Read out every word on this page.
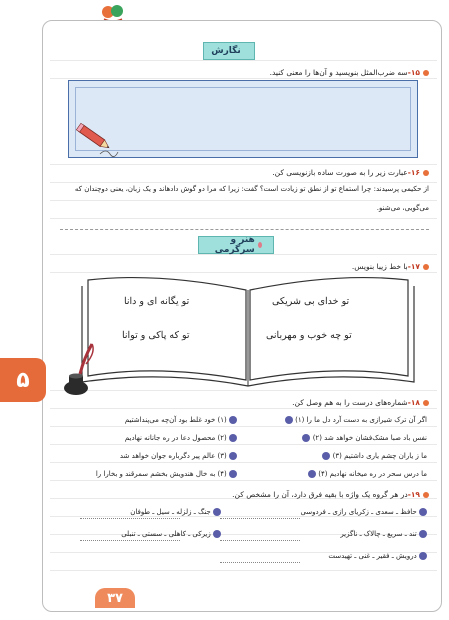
نگارش
۱۵-سه ضرب‌المثل بنویسید و آن‌ها را معنی کنید.
۱۶-عبارت زیر را به صورت ساده بازنویسی کن.
از حکیمی پرسیدند: چرا استماع تو از نطق تو زیادت است؟ گفت: زیرا که مرا دو گوش دادهاند و یک زبان، یعنی دوچندان که
می‌گویی، می‌شنو.
هنر و سرگرمی
۱۷-با خط زیبا بنویس.
تو خدای بی شریکی
تو چه خوب و مهربانی
تو یگانه ای و دانا
تو که پاکی و توانا
۵
۱۸-شماره‌های درست را به هم وصل کن.
اگر آن ترک شیرازی به دست آرد دل ما را (۱)
نفس باد صبا مشک‌فشان خواهد شد (۲)
ما ز یاران چشم یاری داشتیم (۳)
ما درس سحر در ره میخانه نهادیم (۴)
(۱) خود غلط بود آن‌چه می‌پنداشتیم
(۲) محصول دعا در ره جانانه نهادیم
(۳) عالم پیر دگرباره جوان خواهد شد
(۴) به خال هندویش بخشم سمرقند و بخارا را
۱۹-در هر گروه یک واژه با بقیه فرق دارد، آن را مشخص کن.
حافظ ـ سعدی ـ زکریای رازی ـ فردوسی
تند ـ سریع ـ چالاک ـ ناگزیر
درویش ـ فقیر ـ غنی ـ تهیدست
جنگ ـ زلزله ـ سیل ـ طوفان
زیرکی ـ کاهلی ـ سستی ـ تنبلی
۳۷
